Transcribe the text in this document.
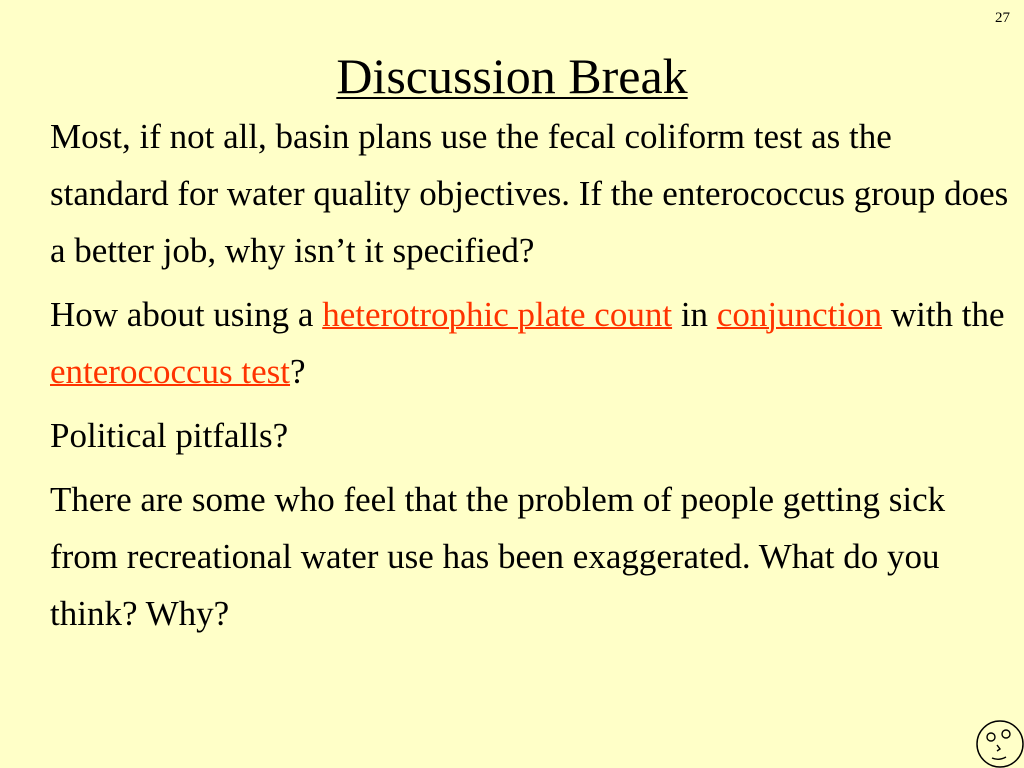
27
Discussion Break

Most, if not all, basin plans use the fecal coliform test as the standard for water quality objectives. If the enterococcus group does a better job, why isn’t it specified?

How about using a heterotrophic plate count in conjunction with the enterococcus test?

Political pitfalls?

There are some who feel that the problem of people getting sick from recreational water use has been exaggerated. What do you think? Why?
